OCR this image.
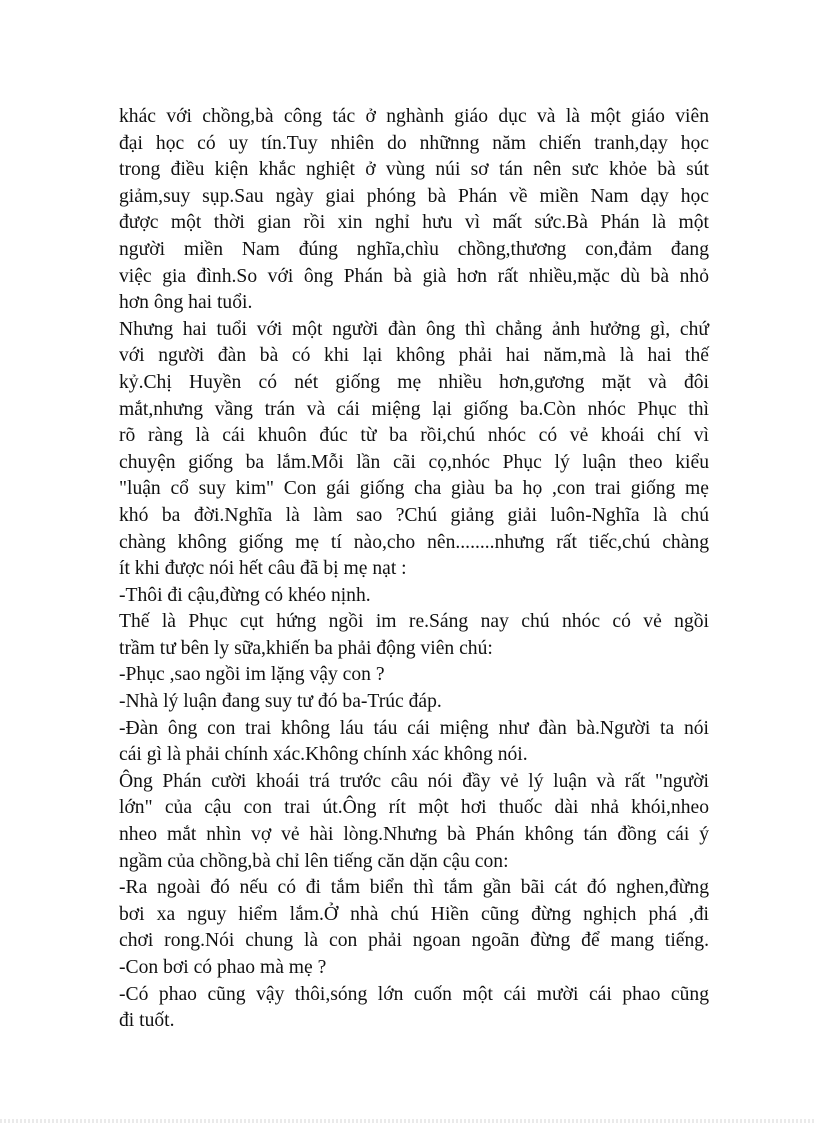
khác với chồng,bà công tác ở nghành giáo dục và là một giáo viên
đại học có uy tín.Tuy nhiên do nhữnng năm chiến tranh,dạy học
trong điều kiện khắc nghiệt ở vùng núi sơ tán nên sưc khỏe bà sút
giảm,suy sụp.Sau ngày giai phóng bà Phán về miền Nam dạy học
được một thời gian rồi xin nghỉ hưu vì mất sức.Bà Phán là một
người miền Nam đúng nghĩa,chìu chồng,thương con,đảm đang
việc gia đình.So với ông Phán bà già hơn rất nhiều,mặc dù bà nhỏ
hơn ông hai tuổi.
Nhưng hai tuổi với một người đàn ông thì chẳng ảnh hưởng gì, chứ
với người đàn bà có khi lại không phải hai năm,mà là hai thế
kỷ.Chị Huyền có nét giống mẹ nhiều hơn,gương mặt và đôi
mắt,nhưng vầng trán và cái miệng lại giống ba.Còn nhóc Phục thì
rõ ràng là cái khuôn đúc từ ba rồi,chú nhóc có vẻ khoái chí vì
chuyện giống ba lắm.Mỗi lần cãi cọ,nhóc Phục lý luận theo kiểu
"luận cổ suy kim" Con gái giống cha giàu ba họ ,con trai giống mẹ
khó ba đời.Nghĩa là làm sao ?Chú giảng giải luôn-Nghĩa là chú
chàng không giống mẹ tí nào,cho nên........nhưng rất tiếc,chú chàng
ít khi được nói hết câu đã bị mẹ nạt :
-Thôi đi cậu,đừng có khéo nịnh.
Thế là Phục cụt hứng ngồi im re.Sáng nay chú nhóc có vẻ ngồi
trầm tư bên ly sữa,khiến ba phải động viên chú:
-Phục ,sao ngồi im lặng vậy con ?
-Nhà lý luận đang suy tư đó ba-Trúc đáp.
-Đàn ông con trai không láu táu cái miệng như đàn bà.Người ta nói
cái gì là phải chính xác.Không chính xác không nói.
Ông Phán cười khoái trá trước câu nói đầy vẻ lý luận và rất "người
lớn" của cậu con trai út.Ông rít một hơi thuốc dài nhả khói,nheo
nheo mắt nhìn vợ vẻ hài lòng.Nhưng bà Phán không tán đồng cái ý
ngầm của chồng,bà chỉ lên tiếng căn dặn cậu con:
-Ra ngoài đó nếu có đi tắm biển thì tắm gần bãi cát đó nghen,đừng
bơi xa nguy hiểm lắm.Ở nhà chú Hiền cũng đừng nghịch phá ,đi
chơi rong.Nói chung là con phải ngoan ngoãn đừng để mang tiếng.
-Con bơi có phao mà mẹ ?
-Có phao cũng vậy thôi,sóng lớn cuốn một cái mười cái phao cũng
đi tuốt.
